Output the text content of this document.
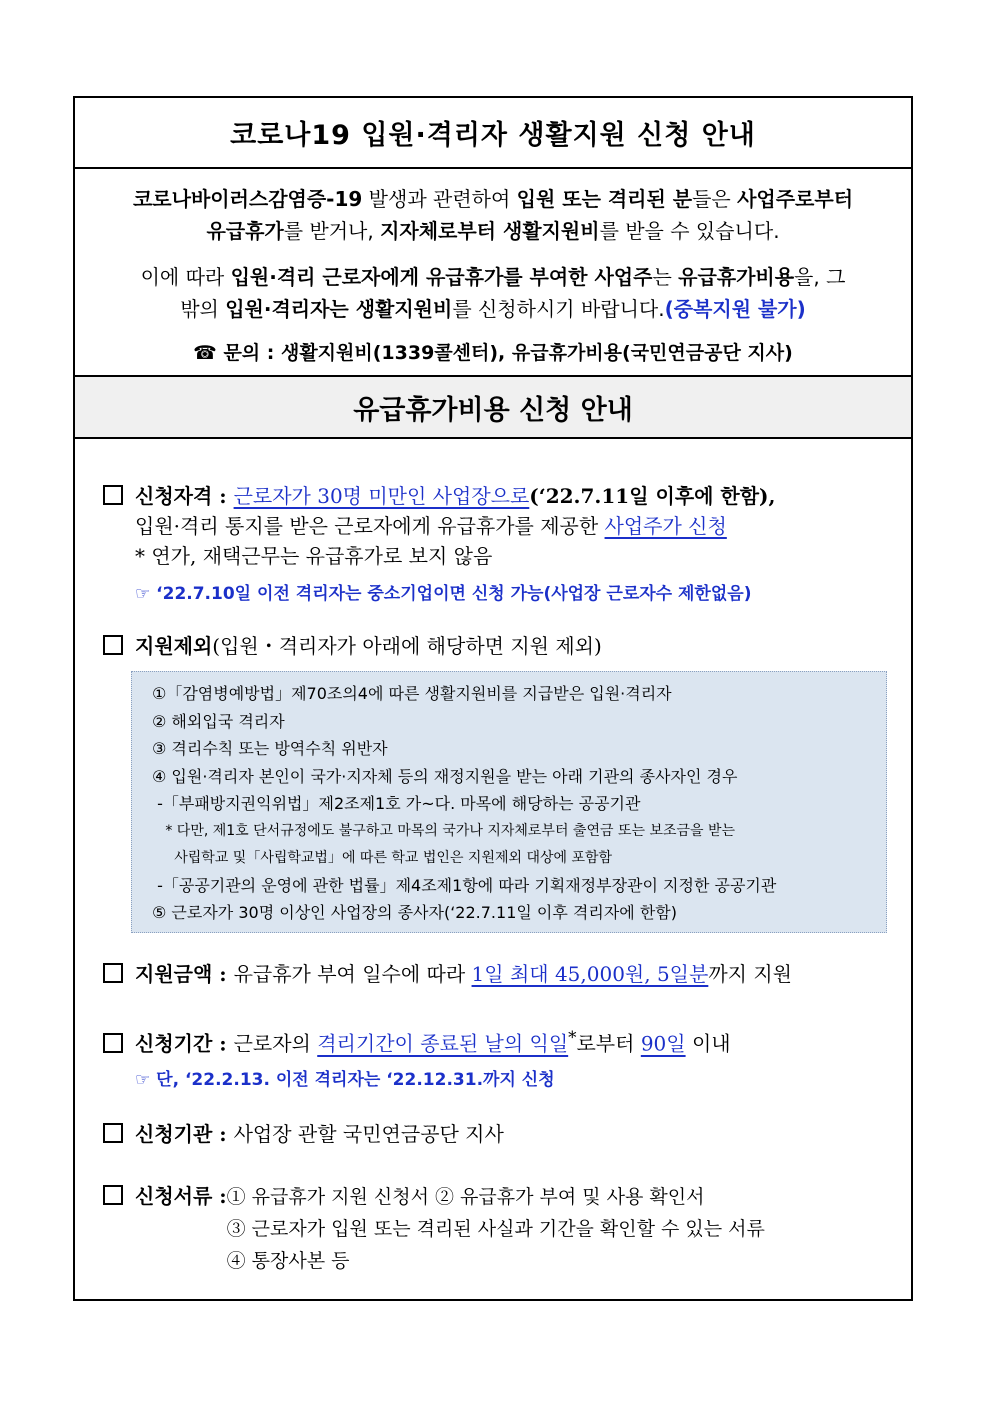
코로나19 입원·격리자 생활지원 신청 안내

코로나바이러스감염증-19 발생과 관련하여 입원 또는 격리된 분들은 사업주로부터

유급휴가를 받거나, 지자체로부터 생활지원비를 받을 수 있습니다.

이에 따라 입원·격리 근로자에게 유급휴가를 부여한 사업주는 유급휴가비용을, 그

밖의 입원·격리자는 생활지원비를 신청하시기 바랍니다.(중복지원 불가)

☎ 문의 : 생활지원비(1339콜센터), 유급휴가비용(국민연금공단 지사)

유급휴가비용 신청 안내
신청자격 : 근로자가 30명 미만인 사업장으로(‘22.7.11일 이후에 한함),
입원·격리 통지를 받은 근로자에게 유급휴가를 제공한 사업주가 신청
* 연가, 재택근무는 유급휴가로 보지 않음
☞ ‘22.7.10일 이전 격리자는 중소기업이면 신청 가능(사업장 근로자수 제한없음)
지원제외(입원・격리자가 아래에 해당하면 지원 제외)
①「감염병예방법」제70조의4에 따른 생활지원비를 지급받은 입원·격리자
② 해외입국 격리자
③ 격리수칙 또는 방역수칙 위반자
④ 입원·격리자 본인이 국가·지자체 등의 재정지원을 받는 아래 기관의 종사자인 경우
-「부패방지권익위법」제2조제1호 가~다. 마목에 해당하는 공공기관
* 다만, 제1호 단서규정에도 불구하고 마목의 국가나 지자체로부터 출연금 또는 보조금을 받는
사립학교 및「사립학교법」에 따른 학교 법인은 지원제외 대상에 포함함
-「공공기관의 운영에 관한 법률」제4조제1항에 따라 기획재정부장관이 지정한 공공기관
⑤ 근로자가 30명 이상인 사업장의 종사자(‘22.7.11일 이후 격리자에 한함)
지원금액 : 유급휴가 부여 일수에 따라 1일 최대 45,000원, 5일분까지 지원
신청기간 : 근로자의 격리기간이 종료된 날의 익일*로부터 90일 이내
☞ 단, ‘22.2.13. 이전 격리자는 ‘22.12.31.까지 신청
신청기관 : 사업장 관할 국민연금공단 지사
신청서류 : ① 유급휴가 지원 신청서 ② 유급휴가 부여 및 사용 확인서
③ 근로자가 입원 또는 격리된 사실과 기간을 확인할 수 있는 서류
④ 통장사본 등
